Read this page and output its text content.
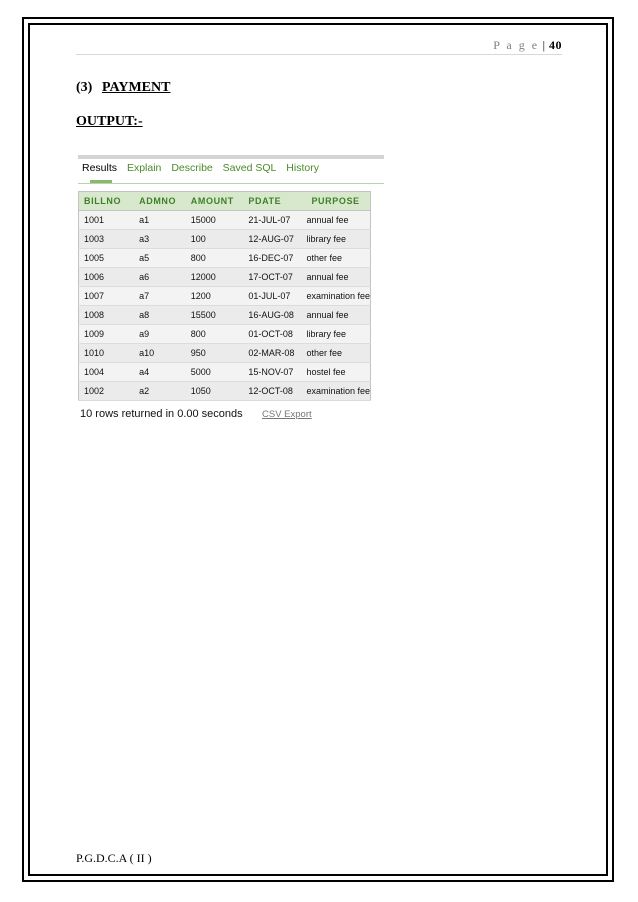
P a g e | 40
(3) PAYMENT
OUTPUT:-
Results Explain Describe Saved SQL History
BILLNO	ADMNO	AMOUNT	PDATE	PURPOSE
1001	a1	15000	21-JUL-07	annual fee
1003	a3	100	12-AUG-07	library fee
1005	a5	800	16-DEC-07	other fee
1006	a6	12000	17-OCT-07	annual fee
1007	a7	1200	01-JUL-07	examination fee
1008	a8	15500	16-AUG-08	annual fee
1009	a9	800	01-OCT-08	library fee
1010	a10	950	02-MAR-08	other fee
1004	a4	5000	15-NOV-07	hostel fee
1002	a2	1050	12-OCT-08	examination fee
10 rows returned in 0.00 seconds CSV Export
P.G.D.C.A ( II )
